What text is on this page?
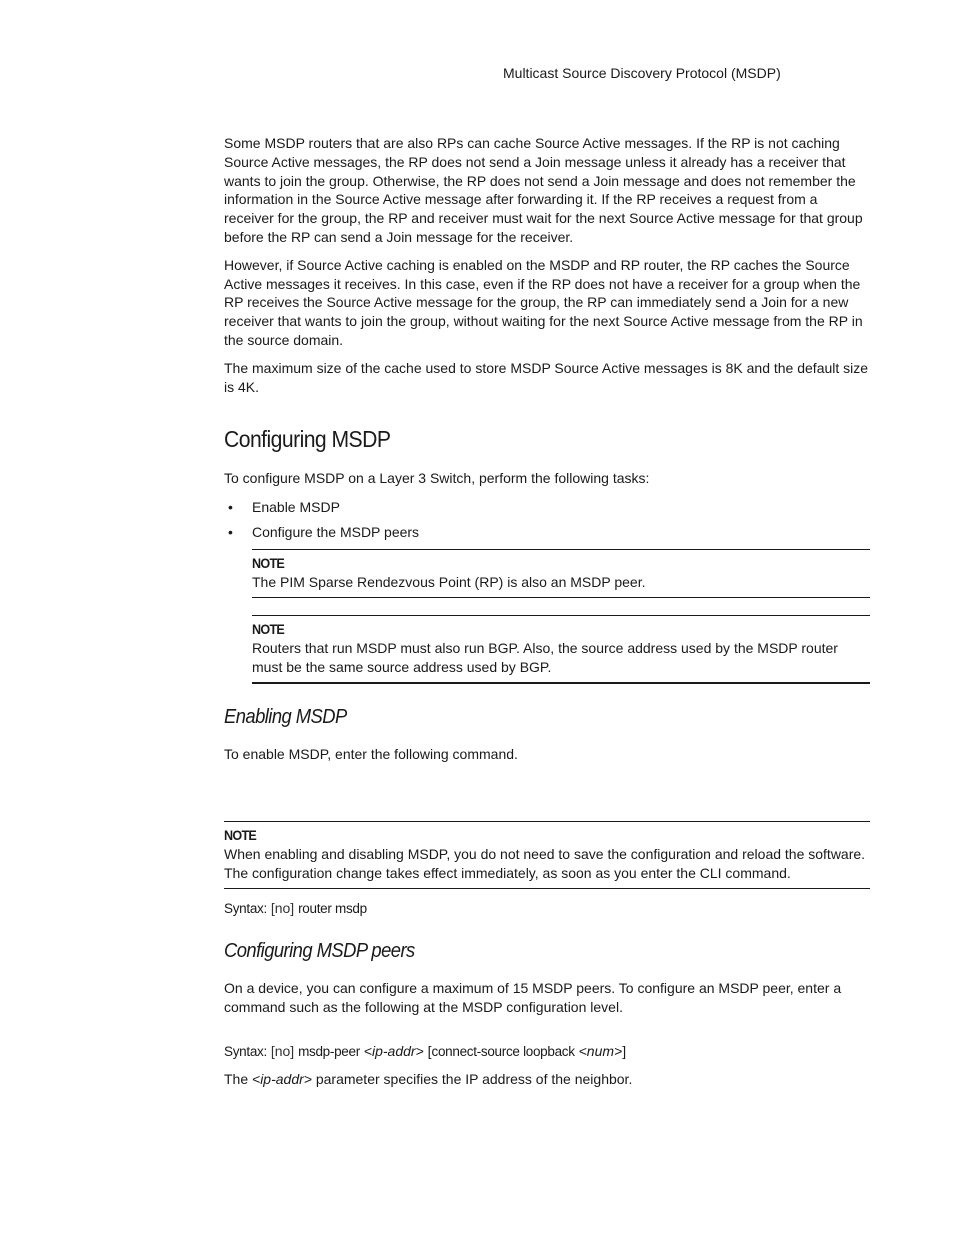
Multicast Source Discovery Protocol (MSDP)

Some MSDP routers that are also RPs can cache Source Active messages. If the RP is not caching Source Active messages, the RP does not send a Join message unless it already has a receiver that wants to join the group. Otherwise, the RP does not send a Join message and does not remember the information in the Source Active message after forwarding it. If the RP receives a request from a receiver for the group, the RP and receiver must wait for the next Source Active message for that group before the RP can send a Join message for the receiver.

However, if Source Active caching is enabled on the MSDP and RP router, the RP caches the Source Active messages it receives. In this case, even if the RP does not have a receiver for a group when the RP receives the Source Active message for the group, the RP can immediately send a Join for a new receiver that wants to join the group, without waiting for the next Source Active message from the RP in the source domain.

The maximum size of the cache used to store MSDP Source Active messages is 8K and the default size is 4K.

Configuring MSDP

To configure MSDP on a Layer 3 Switch, perform the following tasks:

• Enable MSDP
• Configure the MSDP peers
NOTE
The PIM Sparse Rendezvous Point (RP) is also an MSDP peer.
NOTE
Routers that run MSDP must also run BGP. Also, the source address used by the MSDP router must be the same source address used by BGP.
Enabling MSDP

To enable MSDP, enter the following command.

NOTE
When enabling and disabling MSDP, you do not need to save the configuration and reload the software. The configuration change takes effect immediately, as soon as you enter the CLI command.
Syntax: [no] router msdp
Configuring MSDP peers

On a device, you can configure a maximum of 15 MSDP peers. To configure an MSDP peer, enter a command such as the following at the MSDP configuration level.

Syntax: [no] msdp-peer <ip-addr> [connect-source loopback <num>]

The <ip-addr> parameter specifies the IP address of the neighbor.
